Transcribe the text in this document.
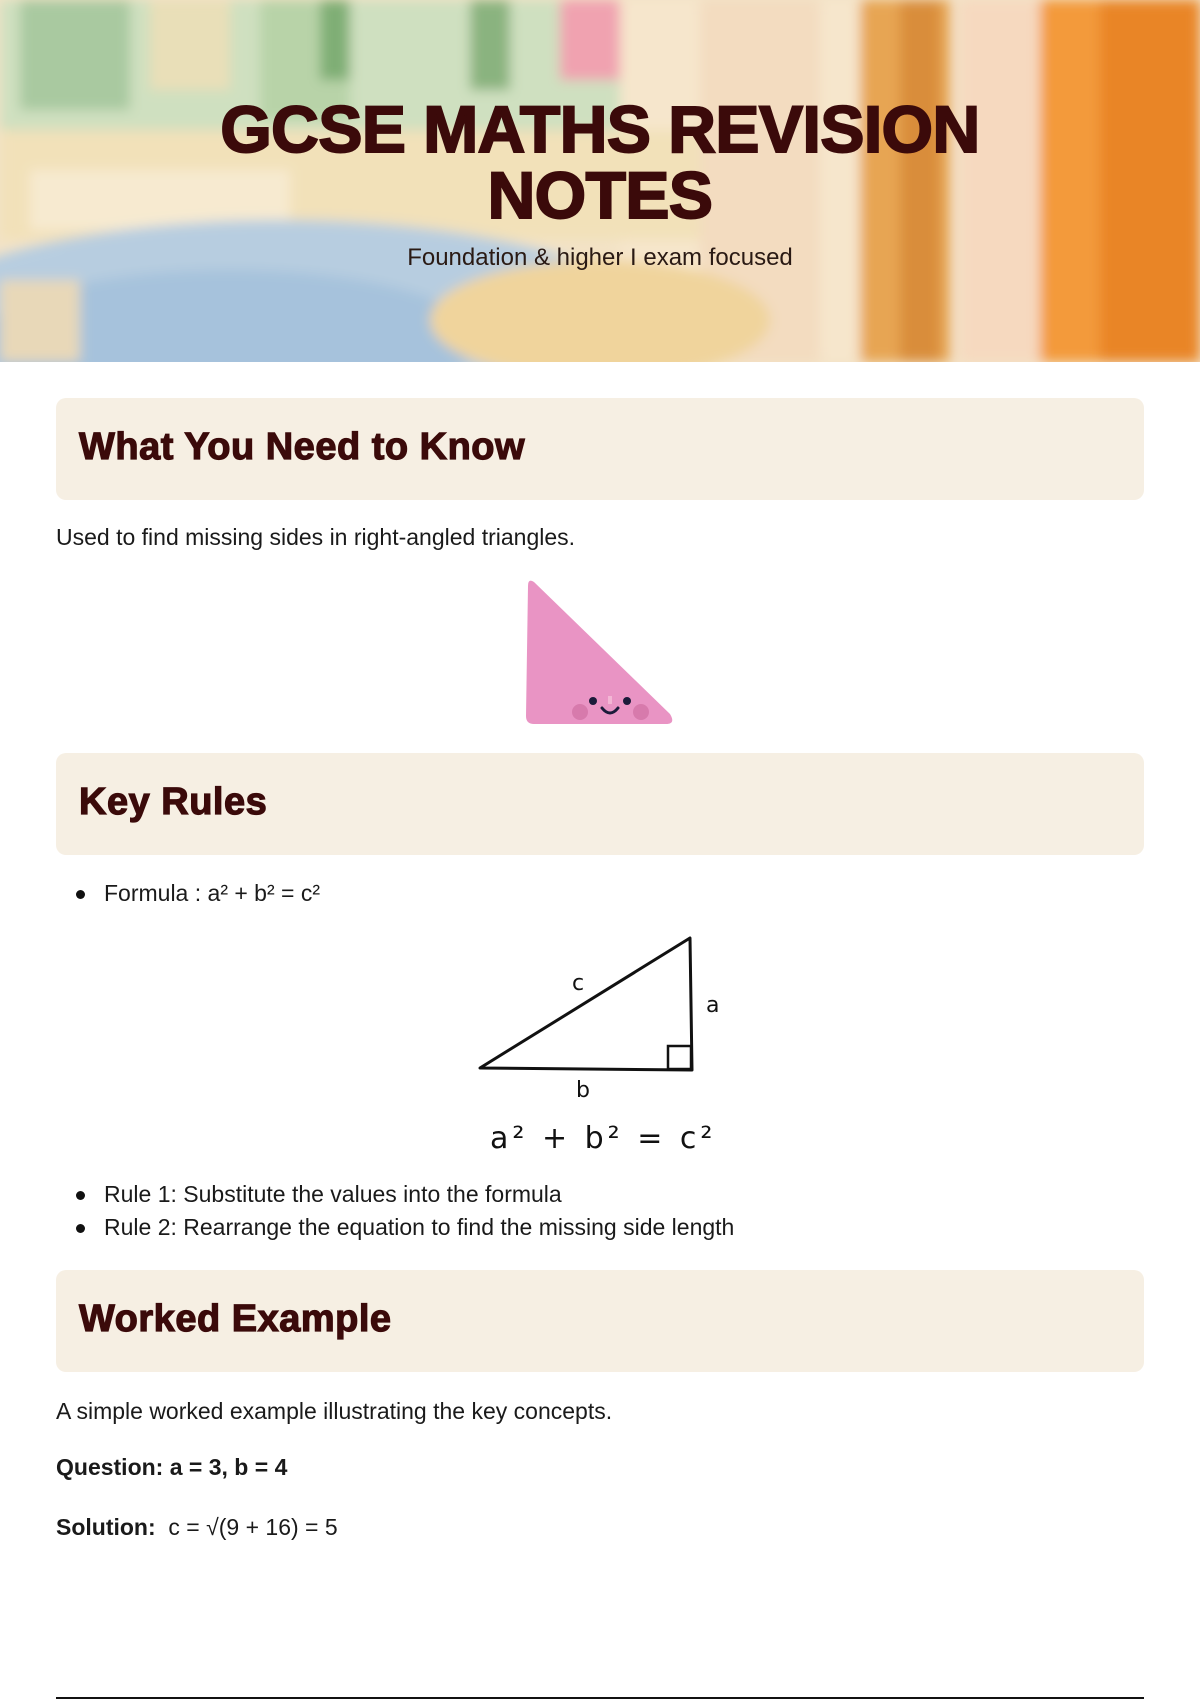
GCSE MATHS REVISION
NOTES
Foundation & higher I exam focused
What You Need to Know

Used to find missing sides in right-angled triangles.

Key Rules
Formula : a² + b² = c²
c
a
b
a² + b² = c²
Rule 1: Substitute the values into the formula
Rule 2: Rearrange the equation to find the missing side length
Worked Example

A simple worked example illustrating the key concepts.

Question: a = 3, b = 4

Solution: c = √(9 + 16) = 5
